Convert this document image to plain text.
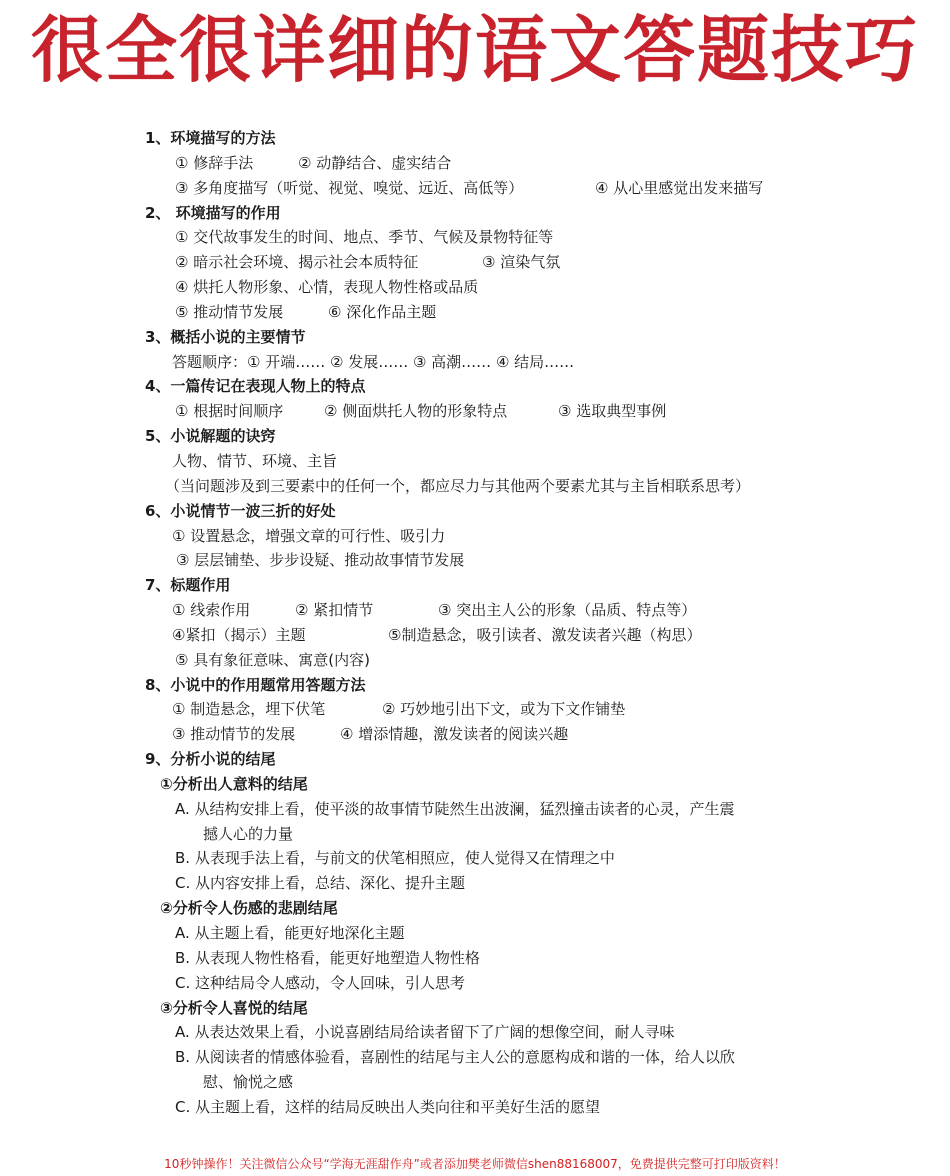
很全很详细的语文答题技巧
1、环境描写的方法
① 修辞手法	② 动静结合、虚实结合
③ 多角度描写（听觉、视觉、嗅觉、远近、高低等）	④ 从心里感觉出发来描写
2、 环境描写的作用
① 交代故事发生的时间、地点、季节、气候及景物特征等
② 暗示社会环境、揭示社会本质特征	③ 渲染气氛
④ 烘托人物形象、心情，表现人物性格或品质
⑤ 推动情节发展	⑥ 深化作品主题
3、概括小说的主要情节
答题顺序：① 开端…… ② 发展…… ③ 高潮…… ④ 结局……
4、一篇传记在表现人物上的特点
① 根据时间顺序	② 侧面烘托人物的形象特点	③ 选取典型事例
5、小说解题的诀窍
人物、情节、环境、主旨
（当问题涉及到三要素中的任何一个，都应尽力与其他两个要素尤其与主旨相联系思考）
6、小说情节一波三折的好处
① 设置悬念，增强文章的可行性、吸引力
③ 层层铺垫、步步设疑、推动故事情节发展
7、标题作用
① 线索作用	② 紧扣情节	③ 突出主人公的形象（品质、特点等）
④紧扣（揭示）主题	⑤制造悬念，吸引读者、激发读者兴趣（构思）
⑤ 具有象征意味、寓意(内容)
8、小说中的作用题常用答题方法
① 制造悬念，埋下伏笔	② 巧妙地引出下文，或为下文作铺垫
③ 推动情节的发展	④ 增添情趣，激发读者的阅读兴趣
9、分析小说的结尾
①分析出人意料的结尾
A. 从结构安排上看，使平淡的故事情节陡然生出波澜，猛烈撞击读者的心灵，产生震
撼人心的力量
B. 从表现手法上看，与前文的伏笔相照应，使人觉得又在情理之中
C. 从内容安排上看，总结、深化、提升主题
②分析令人伤感的悲剧结尾
A. 从主题上看，能更好地深化主题
B. 从表现人物性格看，能更好地塑造人物性格
C. 这种结局令人感动，令人回味，引人思考
③分析令人喜悦的结尾
A. 从表达效果上看，小说喜剧结局给读者留下了广阔的想像空间，耐人寻味
B. 从阅读者的情感体验看，喜剧性的结尾与主人公的意愿构成和谐的一体，给人以欣
慰、愉悦之感
C. 从主题上看，这样的结局反映出人类向往和平美好生活的愿望
10秒钟操作！关注微信公众号“学海无涯甜作舟”或者添加樊老师微信shen88168007，免费提供完整可打印版资料！
